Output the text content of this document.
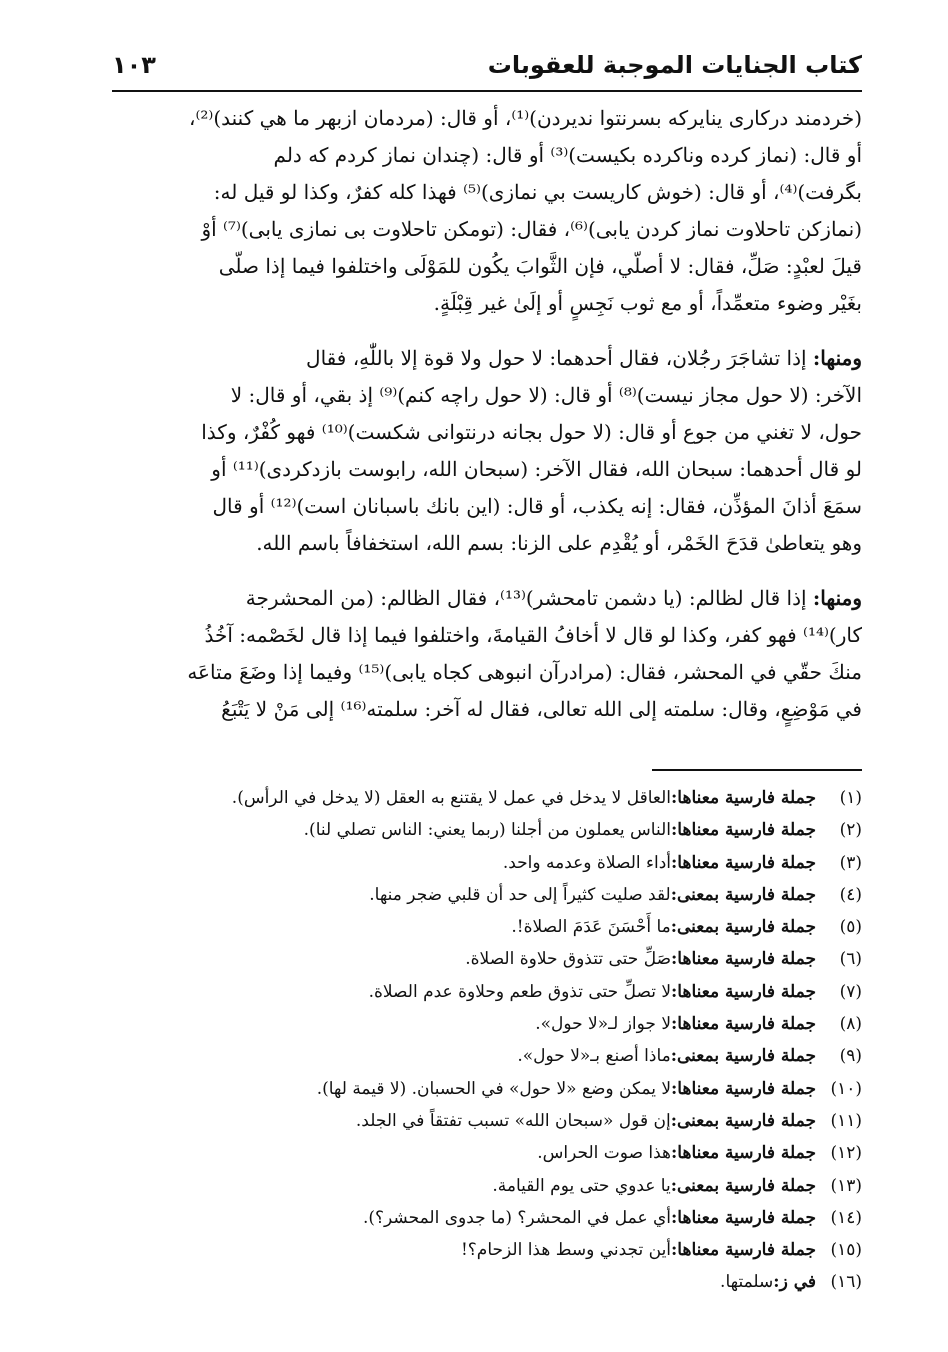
كتاب الجنايات الموجبة للعقوبات
١٠٣
(خردمند دركاری ينايركه بسرنتوا نديردن)⁽¹⁾، أو قال: (مردمان ازبهر ما هي كنند)⁽²⁾،
أو قال: (نماز كرده وناكرده بكيست)⁽³⁾ أو قال: (چندان نماز كردم كه دلم
بگرفت)⁽⁴⁾، أو قال: (خوش كاريست بي نمازى)⁽⁵⁾ فهذا كله كفرٌ، وكذا لو قيل له:
(نمازكن تاحلاوت نماز كردن يابى)⁽⁶⁾، فقال: (تومكن تاحلاوت بى نمازى يابى)⁽⁷⁾ أوْ
قيلَ لعبْدٍ: صَلِّ، فقال: لا أصلّي، فإن الثَّوابَ يكُون للمَوْلَى واختلفوا فيما إذا صلّى
بغَيْر وضوء متعمِّداً، أو مع ثوب نَجِسٍ أو إلَىٰ غير قِبْلَةٍ.
ومنها: إذا تشاجَرَ رجُلان، فقال أحدهما: لا حول ولا قوة إلا باللّٰهِ، فقال
الآخر: (لا حول مجاز نيست)⁽⁸⁾ أو قال: (لا حول راچه كنم)⁽⁹⁾ إذ بقي، أو قال: لا
حول، لا تغني من جوع أو قال: (لا حول بجانه درنتوانى شكست)⁽¹⁰⁾ فهو كُفْرٌ، وكذا
لو قال أحدهما: سبحان الله، فقال الآخر: (سبحان الله، رابوست بازدكردى)⁽¹¹⁾ أو
سمَعَ أذانَ المؤذِّن، فقال: إنه يكذب، أو قال: (اين بانك باسبانان است)⁽¹²⁾ أو قال
وهو يتعاطىٰ قدَحَ الخَمْر، أو يُقْدِم على الزنا: بسم الله، استخفافاً باسم الله.
ومنها: إذا قال لظالم: (يا دشمن تامحشر)⁽¹³⁾، فقال الظالم: (من المحشرجة
كار)⁽¹⁴⁾ فهو كفر، وكذا لو قال لا أخافُ القيامةَ، واختلفوا فيما إذا قال لخَصْمه: آخُذُ
منكَ حقّي في المحشر، فقال: (مرادرآن انبوهى كجاه يابى)⁽¹⁵⁾ وفيما إذا وضَعَ متاعَه
في مَوْضِعٍ، وقال: سلمته إلى الله تعالى، فقال له آخر: سلمته⁽¹⁶⁾ إلى مَنْ لا يَتْبَعُ
(١)
جملة فارسية معناها:
العاقل لا يدخل في عمل لا يقتنع به العقل (لا يدخل في الرأس).
(٢)
جملة فارسية معناها:
الناس يعملون من أجلنا (ربما يعني: الناس تصلي لنا).
(٣)
جملة فارسية معناها:
أداء الصلاة وعدمه واحد.
(٤)
جملة فارسية بمعنى:
لقد صليت كثيراً إلى حد أن قلبي ضجر منها.
(٥)
جملة فارسية بمعنى:
ما أَحْسَنَ عَدَمَ الصلاة!.
(٦)
جملة فارسية معناها:
صَلِّ حتى تتذوق حلاوة الصلاة.
(٧)
جملة فارسية معناها:
لا تصلِّ حتى تذوق طعم وحلاوة عدم الصلاة.
(٨)
جملة فارسية معناها:
لا جواز لـ«لا حول».
(٩)
جملة فارسية بمعنى:
ماذا أصنع بـ«لا حول».
(١٠)
جملة فارسية معناها:
لا يمكن وضع «لا حول» في الحسبان. (لا قيمة لها).
(١١)
جملة فارسية بمعنى:
إن قول «سبحان الله» تسبب تفتقاً في الجلد.
(١٢)
جملة فارسية معناها:
هذا صوت الحراس.
(١٣)
جملة فارسية بمعنى:
يا عدوي حتى يوم القيامة.
(١٤)
جملة فارسية معناها:
أي عمل في المحشر؟ (ما جدوى المحشر؟).
(١٥)
جملة فارسية معناها:
أين تجدني وسط هذا الزحام؟!
(١٦)
في ز:
سلمتها.
